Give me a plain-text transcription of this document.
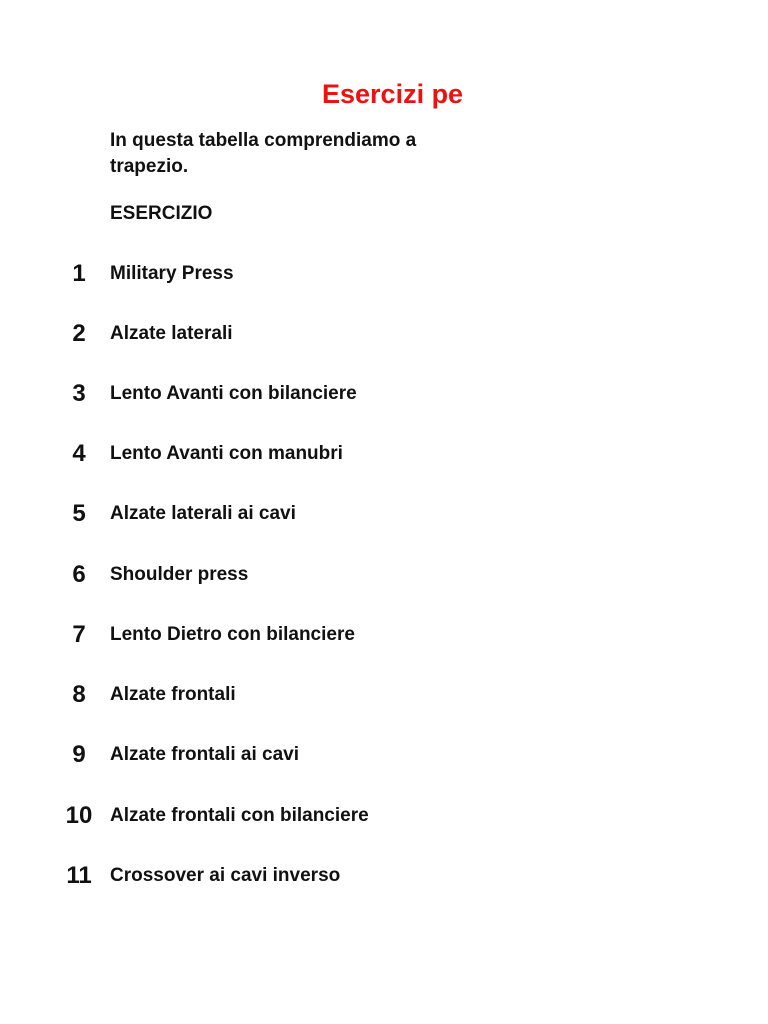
Esercizi pe
In questa tabella comprendiamo a
trapezio.
ESERCIZIO
1	Military Press
2	Alzate laterali
3	Lento Avanti con bilanciere
4	Lento Avanti con manubri
5	Alzate laterali ai cavi
6	Shoulder press
7	Lento Dietro con bilanciere
8	Alzate frontali
9	Alzate frontali ai cavi
10 Alzate frontali con bilanciere
11 Crossover ai cavi inverso
